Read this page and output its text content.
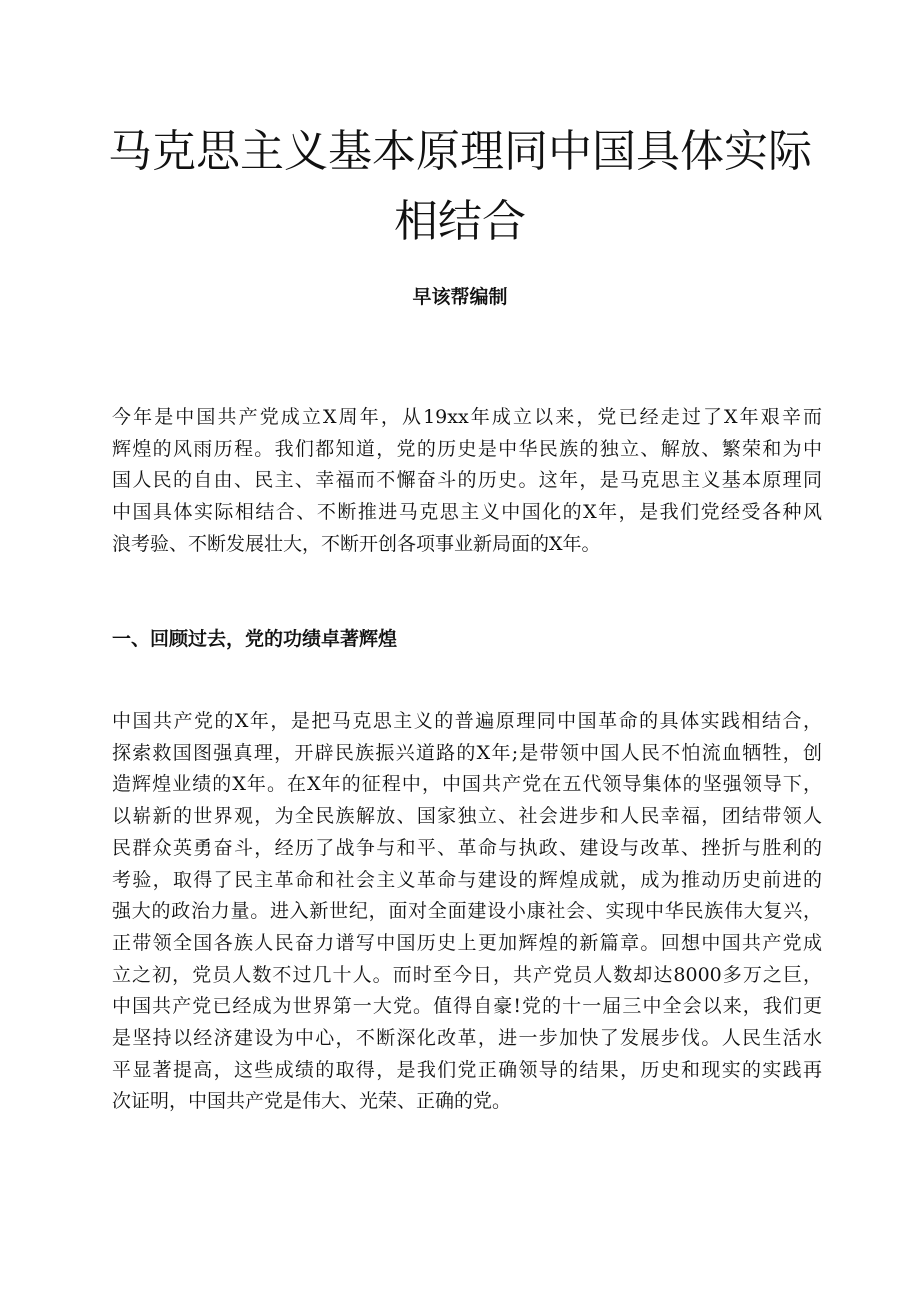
马克思主义基本原理同中国具体实际
相结合
早该帮编制

今年是中国共产党成立X周年，从19xx年成立以来，党已经走过了X年艰辛而
辉煌的风雨历程。我们都知道，党的历史是中华民族的独立、解放、繁荣和为中
国人民的自由、民主、幸福而不懈奋斗的历史。这年，是马克思主义基本原理同
中国具体实际相结合、不断推进马克思主义中国化的X年，是我们党经受各种风
浪考验、不断发展壮大，不断开创各项事业新局面的X年。

一、回顾过去，党的功绩卓著辉煌

中国共产党的X年，是把马克思主义的普遍原理同中国革命的具体实践相结合，
探索救国图强真理，开辟民族振兴道路的X年;是带领中国人民不怕流血牺牲，创
造辉煌业绩的X年。在X年的征程中，中国共产党在五代领导集体的坚强领导下，
以崭新的世界观，为全民族解放、国家独立、社会进步和人民幸福，团结带领人
民群众英勇奋斗，经历了战争与和平、革命与执政、建设与改革、挫折与胜利的
考验，取得了民主革命和社会主义革命与建设的辉煌成就，成为推动历史前进的
强大的政治力量。进入新世纪，面对全面建设小康社会、实现中华民族伟大复兴，
正带领全国各族人民奋力谱写中国历史上更加辉煌的新篇章。回想中国共产党成
立之初，党员人数不过几十人。而时至今日，共产党员人数却达8000多万之巨，
中国共产党已经成为世界第一大党。值得自豪!党的十一届三中全会以来，我们更
是坚持以经济建设为中心，不断深化改革，进一步加快了发展步伐。人民生活水
平显著提高，这些成绩的取得，是我们党正确领导的结果，历史和现实的实践再
次证明，中国共产党是伟大、光荣、正确的党。
